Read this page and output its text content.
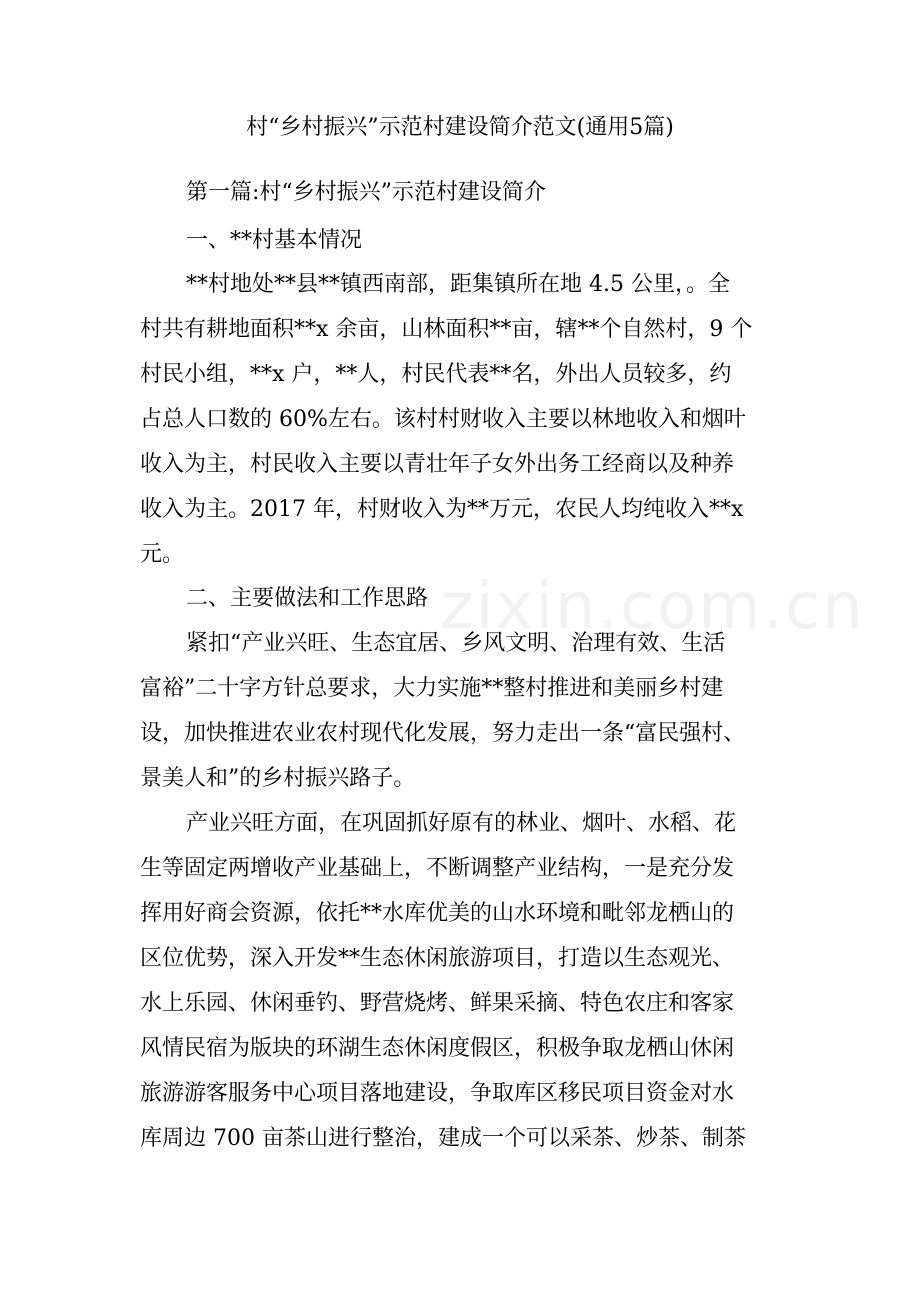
zixin.com.cn
村“乡村振兴”示范村建设简介范文(通用5篇)
第一篇:村“乡村振兴”示范村建设简介
一、**村基本情况
**村地处**县**镇西南部，距集镇所在地 4.5 公里，。全
村共有耕地面积**x 余亩，山林面积**亩，辖**个自然村，9 个
村民小组，**x 户，**人，村民代表**名，外出人员较多，约
占总人口数的 60%左右。该村村财收入主要以林地收入和烟叶
收入为主，村民收入主要以青壮年子女外出务工经商以及种养
收入为主。2017 年，村财收入为**万元，农民人均纯收入**x
元。
二、主要做法和工作思路
紧扣“产业兴旺、生态宜居、乡风文明、治理有效、生活
富裕”二十字方针总要求，大力实施**整村推进和美丽乡村建
设，加快推进农业农村现代化发展，努力走出一条“富民强村、
景美人和”的乡村振兴路子。
产业兴旺方面，在巩固抓好原有的林业、烟叶、水稻、花
生等固定两增收产业基础上，不断调整产业结构，一是充分发
挥用好商会资源，依托**水库优美的山水环境和毗邻龙栖山的
区位优势，深入开发**生态休闲旅游项目，打造以生态观光、
水上乐园、休闲垂钓、野营烧烤、鲜果采摘、特色农庄和客家
风情民宿为版块的环湖生态休闲度假区，积极争取龙栖山休闲
旅游游客服务中心项目落地建设，争取库区移民项目资金对水
库周边 700 亩茶山进行整治，建成一个可以采茶、炒茶、制茶
